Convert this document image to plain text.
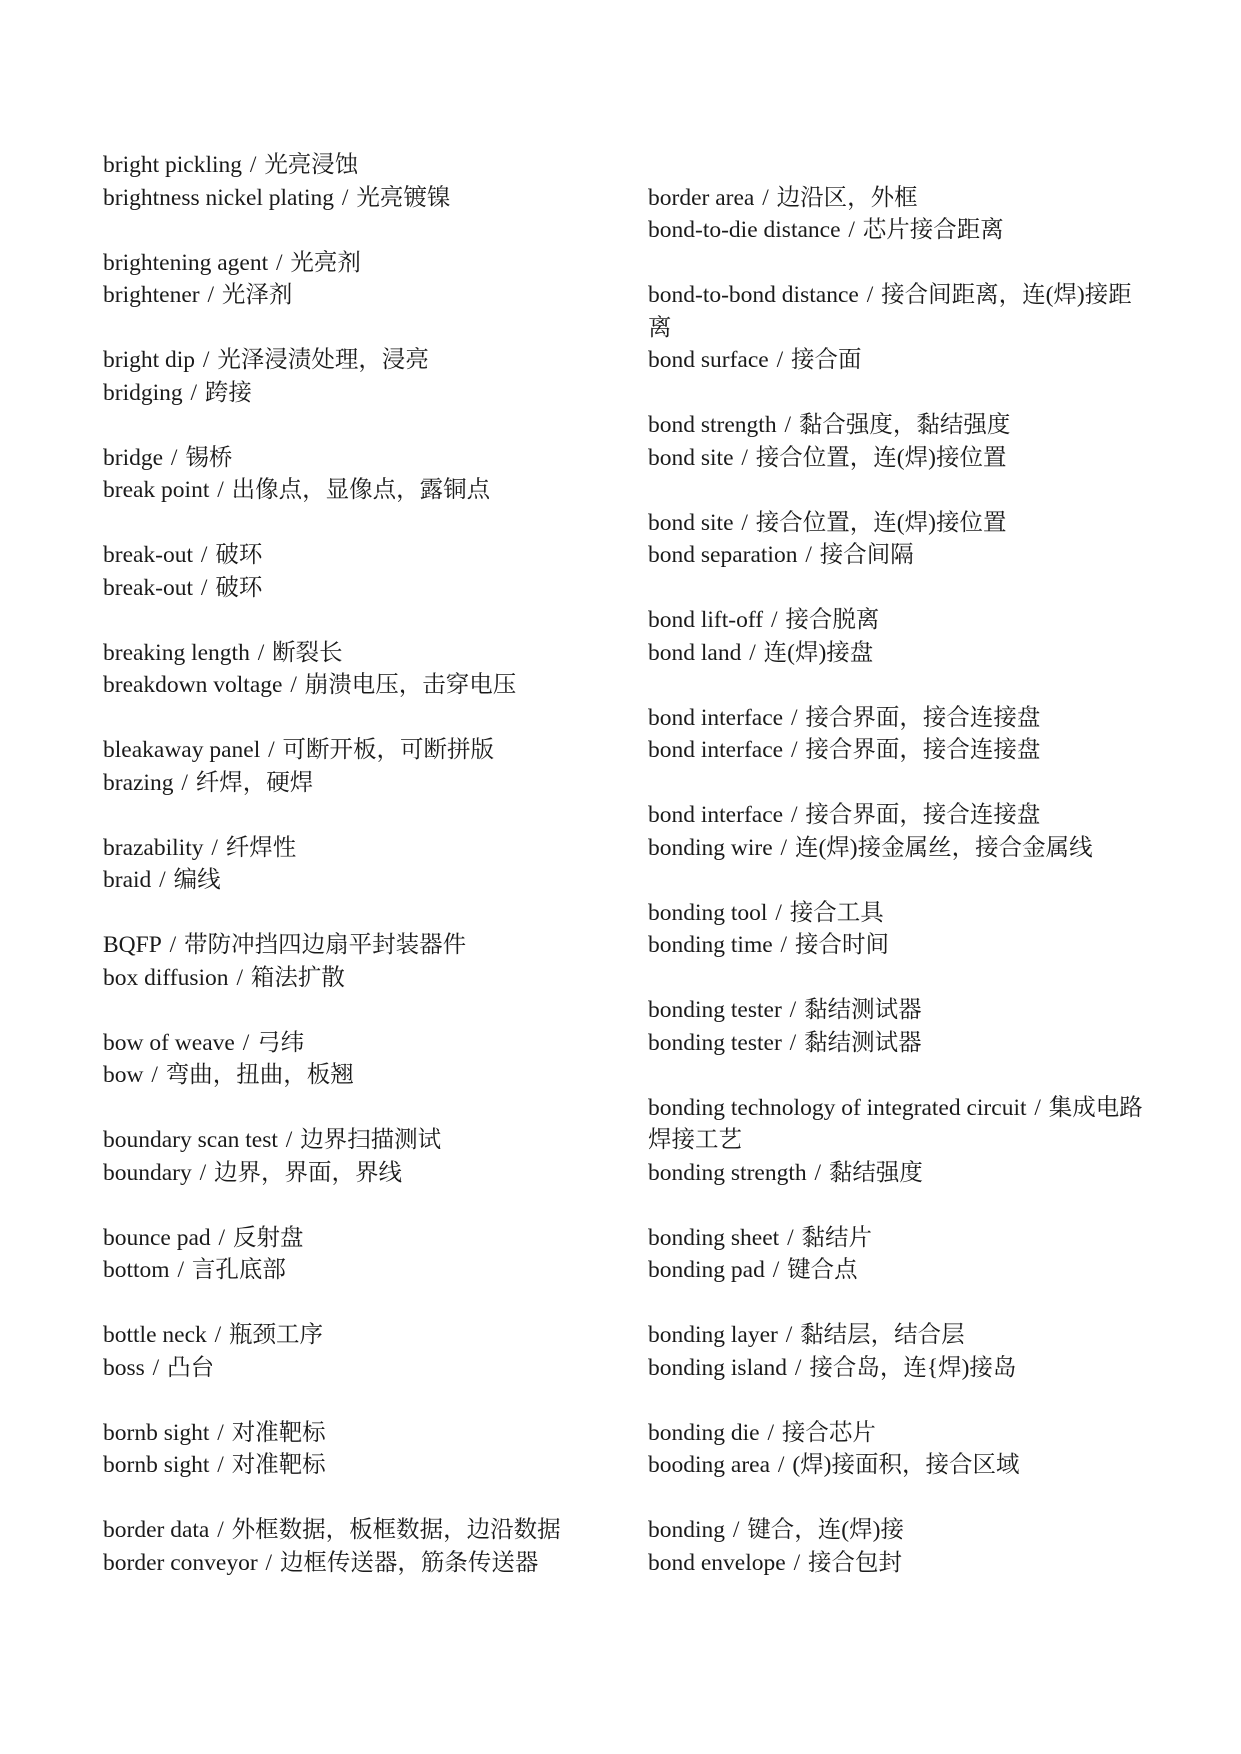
bright pickling / 光亮浸蚀
brightness nickel plating / 光亮镀镍
brightening agent / 光亮剂
brightener / 光泽剂
bright dip / 光泽浸渍处理，浸亮
bridging / 跨接
bridge / 锡桥
break point / 出像点，显像点，露铜点
break-out / 破环
break-out / 破环
breaking length / 断裂长
breakdown voltage / 崩溃电压，击穿电压
bleakaway panel / 可断开板，可断拼版
brazing / 纤焊，硬焊
brazability / 纤焊性
braid / 编线
BQFP / 带防冲挡四边扇平封装器件
box diffusion / 箱法扩散
bow of weave / 弓纬
bow / 弯曲，扭曲，板翘
boundary scan test / 边界扫描测试
boundary / 边界，界面，界线
bounce pad / 反射盘
bottom / 言孔底部
bottle neck / 瓶颈工序
boss / 凸台
bornb sight / 对准靶标
bornb sight / 对准靶标
border data / 外框数据，板框数据，边沿数据
border conveyor / 边框传送器，筋条传送器
border area / 边沿区，外框
bond-to-die distance / 芯片接合距离
bond-to-bond distance / 接合间距离，连(焊)接距离
bond surface / 接合面
bond strength / 黏合强度，黏结强度
bond site / 接合位置，连(焊)接位置
bond site / 接合位置，连(焊)接位置
bond separation / 接合间隔
bond lift-off / 接合脱离
bond land / 连(焊)接盘
bond interface / 接合界面，接合连接盘
bond interface / 接合界面，接合连接盘
bond interface / 接合界面，接合连接盘
bonding wire / 连(焊)接金属丝，接合金属线
bonding tool / 接合工具
bonding time / 接合时间
bonding tester / 黏结测试器
bonding tester / 黏结测试器
bonding technology of integrated circuit / 集成电路焊接工艺
bonding strength / 黏结强度
bonding sheet / 黏结片
bonding pad / 键合点
bonding layer / 黏结层，结合层
bonding island / 接合岛，连{焊)接岛
bonding die / 接合芯片
booding area / (焊)接面积，接合区域
bonding / 键合，连(焊)接
bond envelope / 接合包封
